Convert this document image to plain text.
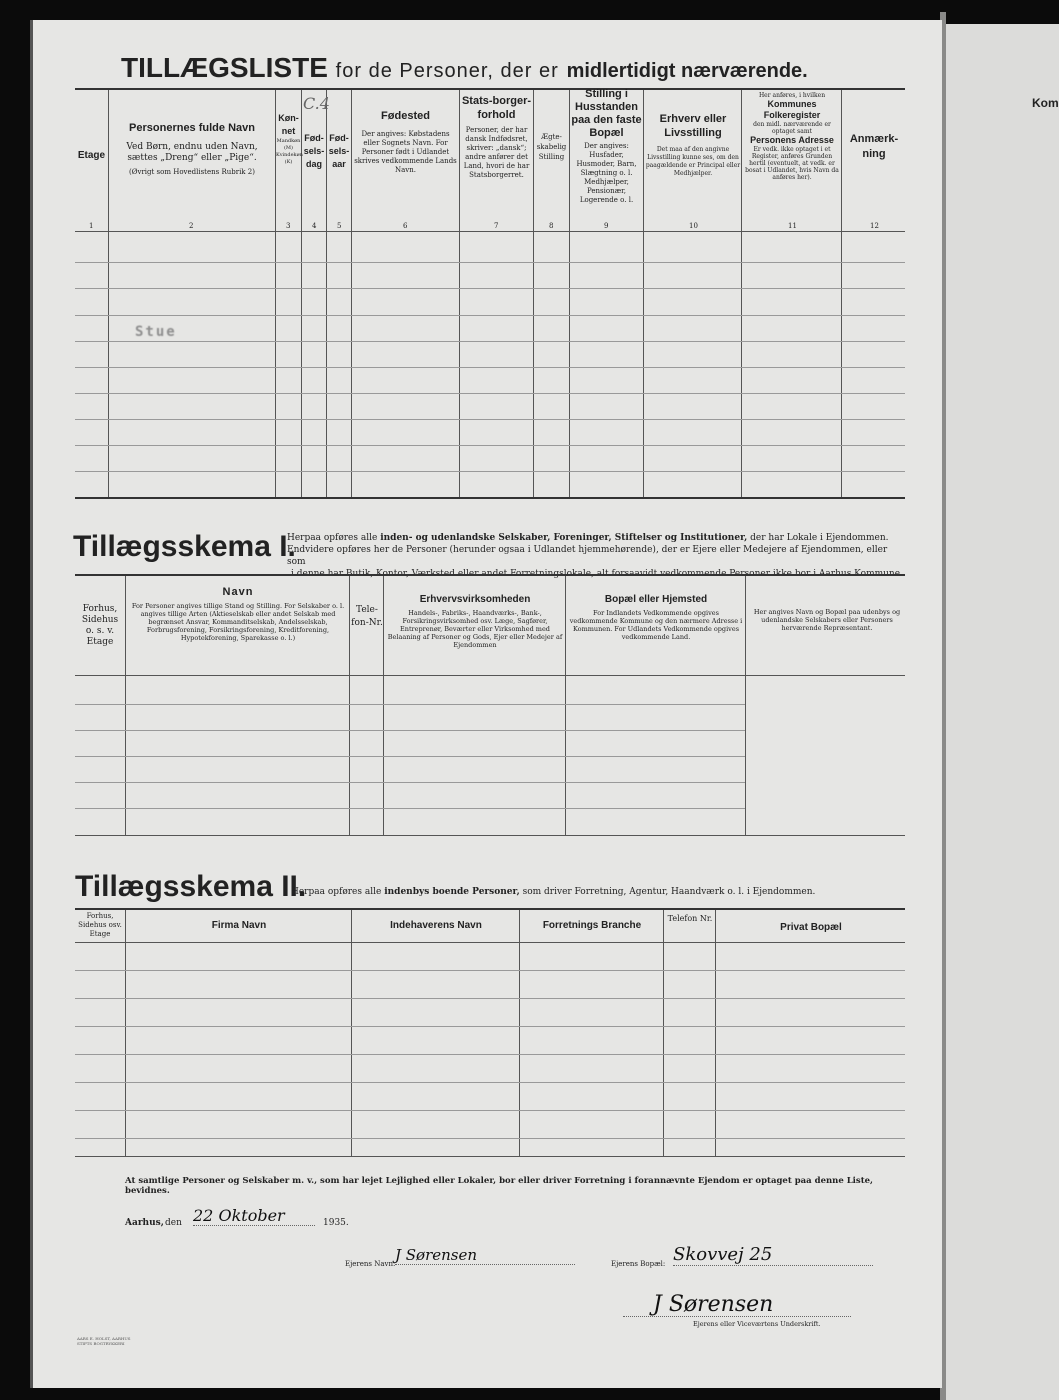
Kom
TILLÆGSLISTE for de Personer, der er midlertidigt nærværende.
Etage
Personernes fulde Navn
Ved Børn, endnu uden Navn, sættes „Dreng“ eller „Pige“.
(Øvrigt som Hovedlistens Rubrik 2)
Køn-net
Mandkøn (M) Kvindekøn (K)
C.4
Fød-sels-dag
Fød-sels-aar
Fødested
Der angives: Købstadens eller Sognets Navn. For Personer født i Udlandet skrives vedkommende Lands Navn.
Stats-borger-forhold
Personer, der har dansk Indfødsret, skriver: „dansk“; andre anfører det Land, hvori de har Statsborgerret.
Ægte-skabelig Stilling
Stilling i Husstanden paa den faste Bopæl
Der angives: Husfader, Husmoder, Barn, Slægtning o. l. Medhjælper, Pensionær, Logerende o. l.
Erhverv eller Livsstilling
Det maa af den angivne Livsstilling kunne ses, om den paagældende er Principal eller Medhjælper.
Her anføres, i hvilken
Kommunes Folkeregister
den midl. nærværende er optaget samt
Personens Adresse
Er vedk. ikke optaget i et Register, anføres Grunden hertil (eventuelt, at vedk. er bosat i Udlandet, hvis Navn da anføres her).
Anmærk-ning
1	2	3	4	5	6	7	8	9	10	11	12
Stue
Tillægsskema I.
Herpaa opføres alle inden- og udenlandske Selskaber, Foreninger, Stiftelser og Institutioner, der har Lokale i Ejendommen.
Endvidere opføres her de Personer (herunder ogsaa i Udlandet hjemmehørende), der er Ejere eller Medejere af Ejendommen, eller som
i denne har Butik, Kontor, Værksted eller andet Forretningslokale, alt forsaavidt vedkommende Personer ikke bor i Aarhus Kommune.
Forhus, Sidehus o. s. v. Etage
Navn
For Personer angives tillige Stand og Stilling. For Selskaber o. l. angives tillige Arten (Aktieselskab eller andet Selskab med begrænset Ansvar, Kommanditselskab, Andelsselskab, Forbrugsforening, Forsikringsforening, Kreditforening, Hypotekforening, Sparekasse o. l.)
Tele-fon-Nr.
Erhvervsvirksomheden
Handels-, Fabriks-, Haandværks-, Bank-, Forsikringsvirksomhed osv. Læge, Sagfører, Entreprenør, Beværter eller Virksomhed med Belaaning af Personer og Gods, Ejer eller Medejer af Ejendommen
Bopæl eller Hjemsted
For Indlandets Vedkommende opgives vedkommende Kommune og den nærmere Adresse i Kommunen. For Udlandets Vedkommende opgives vedkommende Land.
Her angives Navn og Bopæl paa udenbys og udenlandske Selskabers eller Personers herværende Repræsentant.
Tillægsskema II.
Herpaa opføres alle indenbys boende Personer, som driver Forretning, Agentur, Haandværk o. l. i Ejendommen.
Forhus, Sidehus osv. Etage
Firma Navn	Indehaverens Navn	Forretnings Branche
Telefon Nr.
Privat Bopæl
At samtlige Personer og Selskaber m. v., som har lejet Lejlighed eller Lokaler, bor eller driver Forretning i forannævnte Ejendom er optaget paa denne Liste, bevidnes.
Aarhus, den 22 Oktober	1935.
Ejerens Navn: J Sørensen	Ejerens Bopæl: Skovvej 25
J Sørensen
Ejerens eller Viceværtens Underskrift.
AARS E. HOLST, AARHUS STIFTS BOGTRYKKERI
